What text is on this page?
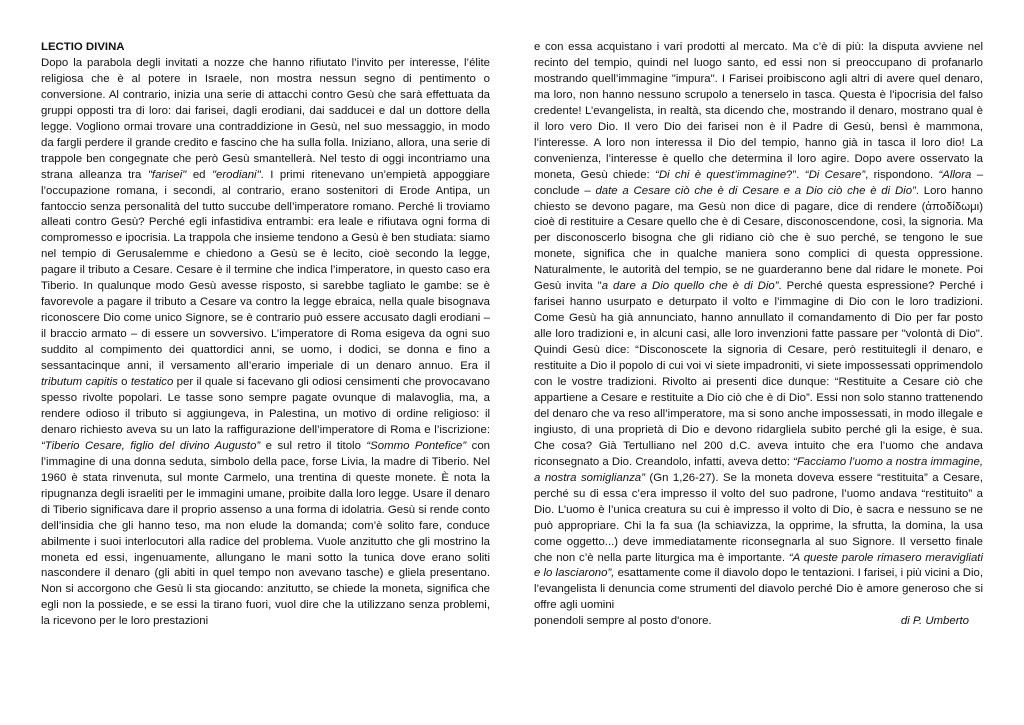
LECTIO DIVINA

Dopo la parabola degli invitati a nozze che hanno rifiutato l’invito per interesse, l’élite religiosa che è al potere in Israele, non mostra nessun segno di pentimento o conversione. Al contrario, inizia una serie di attacchi contro Gesù che sarà effettuata da gruppi opposti tra di loro: dai farisei, dagli erodiani, dai sadducei e dal un dottore della legge. Vogliono ormai trovare una contraddizione in Gesù, nel suo messaggio, in modo da fargli perdere il grande credito e fascino che ha sulla folla. Iniziano, allora, una serie di trappole ben congegnate che però Gesù smantellerà. Nel testo di oggi incontriamo una strana alleanza tra "farisei" ed "erodiani". I primi ritenevano un’empietà appoggiare l’occupazione romana, i secondi, al contrario, erano sostenitori di Erode Antipa, un fantoccio senza personalità del tutto succube dell’imperatore romano. Perché li troviamo alleati contro Gesù? Perché egli infastidiva entrambi: era leale e rifiutava ogni forma di compromesso e ipocrisia. La trappola che insieme tendono a Gesù è ben studiata: siamo nel tempio di Gerusalemme e chiedono a Gesù se è lecito, cioè secondo la legge, pagare il tributo a Cesare. Cesare è il termine che indica l’imperatore, in questo caso era Tiberio. In qualunque modo Gesù avesse risposto, si sarebbe tagliato le gambe: se è favorevole a pagare il tributo a Cesare va contro la legge ebraica, nella quale bisognava riconoscere Dio come unico Signore, se è contrario può essere accusato dagli erodiani – il braccio armato – di essere un sovversivo. L’imperatore di Roma esigeva da ogni suo suddito al compimento dei quattordici anni, se uomo, i dodici, se donna e fino a sessantacinque anni, il versamento all’erario imperiale di un denaro annuo. Era il tributum capitis o testatico per il quale si facevano gli odiosi censimenti che provocavano spesso rivolte popolari. Le tasse sono sempre pagate ovunque di malavoglia, ma, a rendere odioso il tributo si aggiungeva, in Palestina, un motivo di ordine religioso: il denaro richiesto aveva su un lato la raffigurazione dell’imperatore di Roma e l’iscrizione: “Tiberio Cesare, figlio del divino Augusto” e sul retro il titolo “Sommo Pontefice” con l’immagine di una donna seduta, simbolo della pace, forse Livia, la madre di Tiberio. Nel 1960 è stata rinvenuta, sul monte Carmelo, una trentina di queste monete. È nota la ripugnanza degli israeliti per le immagini umane, proibite dalla loro legge. Usare il denaro di Tiberio significava dare il proprio assenso a una forma di idolatria. Gesù si rende conto dell’insidia che gli hanno teso, ma non elude la domanda; com’è solito fare, conduce abilmente i suoi interlocutori alla radice del problema. Vuole anzitutto che gli mostrino la moneta ed essi, ingenuamente, allungano le mani sotto la tunica dove erano soliti nascondere il denaro (gli abiti in quel tempo non avevano tasche) e gliela presentano. Non si accorgono che Gesù li sta giocando: anzitutto, se chiede la moneta, significa che egli non la possiede, e se essi la tirano fuori, vuol dire che la utilizzano senza problemi, la ricevono per le loro prestazioni

e con essa acquistano i vari prodotti al mercato. Ma c’è di più: la disputa avviene nel recinto del tempio, quindi nel luogo santo, ed essi non si preoccupano di profanarlo mostrando quell’immagine "impura". I Farisei proibiscono agli altri di avere quel denaro, ma loro, non hanno nessuno scrupolo a tenerselo in tasca. Questa è l'ipocrisia del falso credente! L’evangelista, in realtà, sta dicendo che, mostrando il denaro, mostrano qual è il loro vero Dio. Il vero Dio dei farisei non è il Padre di Gesù, bensì è mammona, l’interesse. A loro non interessa il Dio del tempio, hanno già in tasca il loro dio! La convenienza, l’interesse è quello che determina il loro agire. Dopo avere osservato la moneta, Gesù chiede: “Di chi è quest’immagine?”. “Di Cesare”, rispondono. “Allora – conclude – date a Cesare ciò che è di Cesare e a Dio ciò che è di Dio”. Loro hanno chiesto se devono pagare, ma Gesù non dice di pagare, dice di rendere (ἀποδίδωμι) cioè di restituire a Cesare quello che è di Cesare, disconoscendone, così, la signoria. Ma per disconoscerlo bisogna che gli ridiano ciò che è suo perché, se tengono le sue monete, significa che in qualche maniera sono complici di questa oppressione. Naturalmente, le autorità del tempio, se ne guarderanno bene dal ridare le monete. Poi Gesù invita "a dare a Dio quello che è di Dio”. Perché questa espressione? Perché i farisei hanno usurpato e deturpato il volto e l’immagine di Dio con le loro tradizioni. Come Gesù ha già annunciato, hanno annullato il comandamento di Dio per far posto alle loro tradizioni e, in alcuni casi, alle loro invenzioni fatte passare per "volontà di Dio". Quindi Gesù dice: “Disconoscete la signoria di Cesare, però restituitegli il denaro, e restituite a Dio il popolo di cui voi vi siete impadroniti, vi siete impossessati opprimendolo con le vostre tradizioni. Rivolto ai presenti dice dunque: “Restituite a Cesare ciò che appartiene a Cesare e restituite a Dio ciò che è di Dio”. Essi non solo stanno trattenendo del denaro che va reso all’imperatore, ma si sono anche impossessati, in modo illegale e ingiusto, di una proprietà di Dio e devono ridargliela subito perché gli la esige, è sua. Che cosa? Già Tertulliano nel 200 d.C. aveva intuito che era l’uomo che andava riconsegnato a Dio. Creandolo, infatti, aveva detto: “Facciamo l’uomo a nostra immagine, a nostra somiglianza” (Gn 1,26-27). Se la moneta doveva essere “restituita” a Cesare, perché su di essa c’era impresso il volto del suo padrone, l’uomo andava “restituito” a Dio. L’uomo è l’unica creatura su cui è impresso il volto di Dio, è sacra e nessuno se ne può appropriare. Chi la fa sua (la schiavizza, la opprime, la sfrutta, la domina, la usa come oggetto...) deve immediatamente riconsegnarla al suo Signore. Il versetto finale che non c’è nella parte liturgica ma è importante. “A queste parole rimasero meravigliati e lo lasciarono”, esattamente come il diavolo dopo le tentazioni. I farisei, i più vicini a Dio, l’evangelista li denuncia come strumenti del diavolo perché Dio è amore generoso che si offre agli uomini

ponendoli sempre al posto d'onore.	di P. Umberto
